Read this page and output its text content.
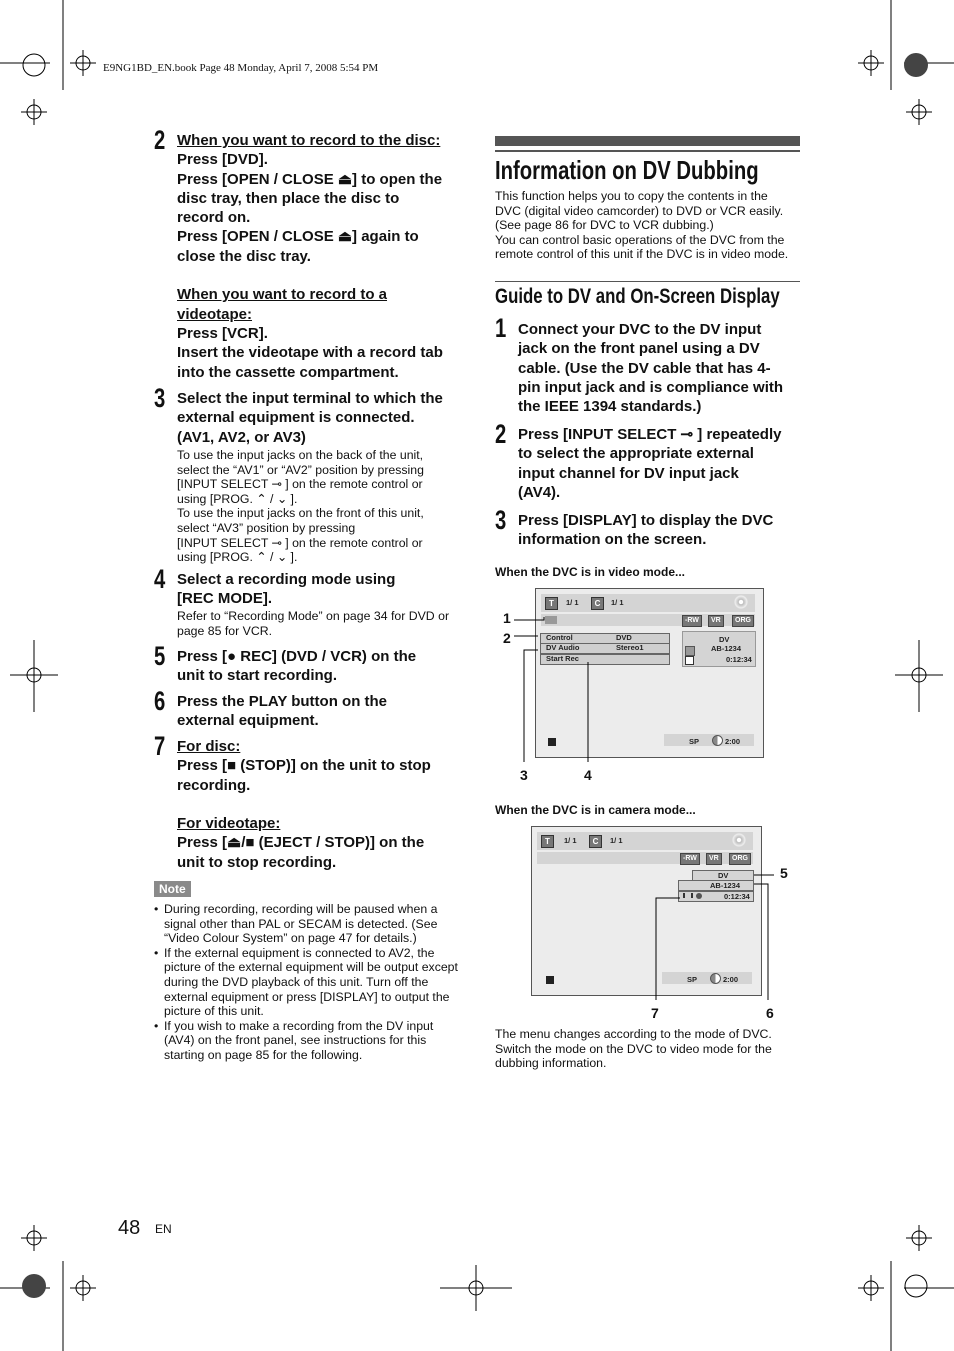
E9NG1BD_EN.book Page 48 Monday, April 7, 2008 5:54 PM
2 When you want to record to the disc:
Press [DVD].
Press [OPEN / CLOSE ⏏] to open the
disc tray, then place the disc to
record on.
Press [OPEN / CLOSE ⏏] again to
close the disc tray.

When you want to record to a
videotape:
Press [VCR].
Insert the videotape with a record tab
into the cassette compartment.
3 Select the input terminal to which the
external equipment is connected.
(AV1, AV2, or AV3)
To use the input jacks on the back of the unit,
select the “AV1” or “AV2” position by pressing
[INPUT SELECT ⊸ ] on the remote control or
using [PROG. ⌃ / ⌄ ].
To use the input jacks on the front of this unit,
select “AV3” position by pressing
[INPUT SELECT ⊸ ] on the remote control or
using [PROG. ⌃ / ⌄ ].
4 Select a recording mode using
[REC MODE].
Refer to “Recording Mode” on page 34 for DVD or
page 85 for VCR.
5 Press [● REC] (DVD / VCR) on the
unit to start recording.
6 Press the PLAY button on the
external equipment.
7 For disc:
Press [■ (STOP)] on the unit to stop
recording.

For videotape:
Press [⏏/■ (EJECT / STOP)] on the
unit to stop recording.
Note
• During recording, recording will be paused when a signal other than PAL or SECAM is detected. (See “Video Colour System” on page 47 for details.)
• If the external equipment is connected to AV2, the picture of the external equipment will be output except during the DVD playback of this unit. Turn off the external equipment or press [DISPLAY] to output the picture of this unit.
• If you wish to make a recording from the DV input (AV4) on the front panel, see instructions for this starting on page 85 for the following.
Information on DV Dubbing
This function helps you to copy the contents in the
DVC (digital video camcorder) to DVD or VCR easily.
(See page 86 for DVC to VCR dubbing.)
You can control basic operations of the DVC from the
remote control of this unit if the DVC is in video mode.
Guide to DV and On-Screen Display
1 Connect your DVC to the DV input
jack on the front panel using a DV
cable. (Use the DV cable that has 4-
pin input jack and is compliance with
the IEEE 1394 standards.)
2 Press [INPUT SELECT ⊸ ] repeatedly
to select the appropriate external
input channel for DV input jack
(AV4).
3 Press [DISPLAY] to display the DVC
information on the screen.
When the DVC is in video mode...
T	1/ 1	C	1/ 1
-RW	VR	ORG
Control	DVD
DV Audio	Stereo1
Start Rec
DV
AB-1234
0:12:34
SP	2:00
1
2
3	4
When the DVC is in camera mode...
T	1/ 1	C	1/ 1
-RW	VR	ORG
DV
AB-1234
0:12:34
SP	2:00
5
6
7
The menu changes according to the mode of DVC.
Switch the mode on the DVC to video mode for the
dubbing information.
48 EN
